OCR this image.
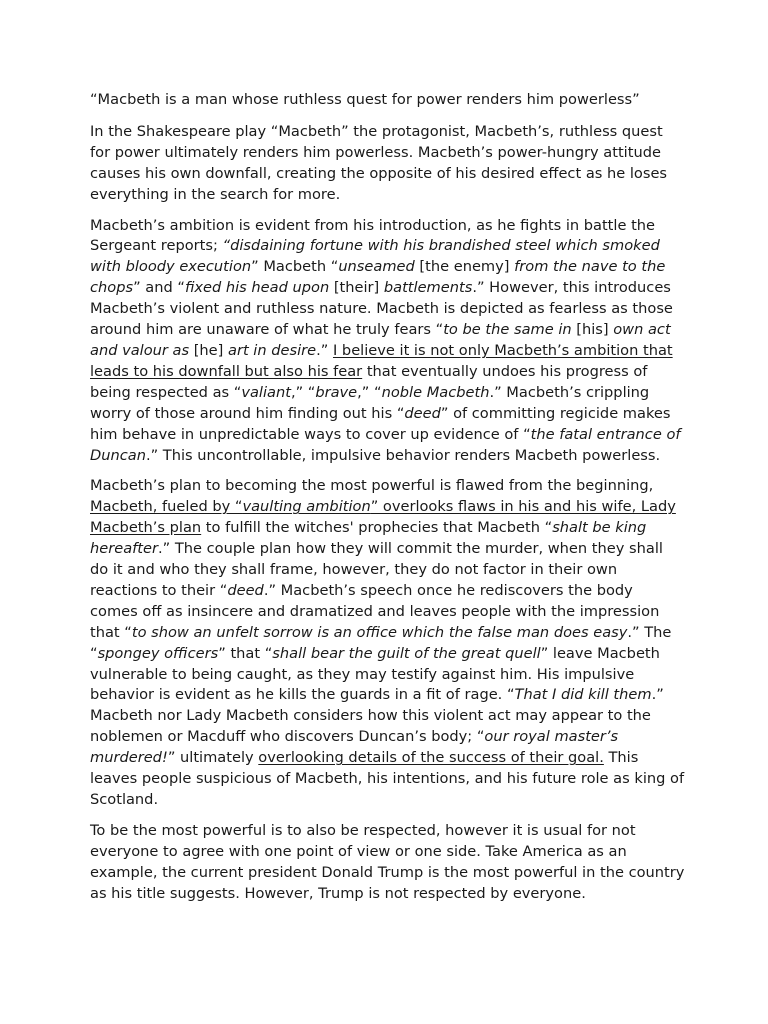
“Macbeth is a man whose ruthless quest for power renders him powerless”

In the Shakespeare play “Macbeth” the protagonist, Macbeth’s, ruthless quest for power ultimately renders him powerless. Macbeth’s power-hungry attitude causes his own downfall, creating the opposite of his desired effect as he loses everything in the search for more.

Macbeth’s ambition is evident from his introduction, as he fights in battle the Sergeant reports; “disdaining fortune with his brandished steel which smoked with bloody execution” Macbeth “unseamed [the enemy] from the nave to the chops” and “fixed his head upon [their] battlements.” However, this introduces Macbeth’s violent and ruthless nature. Macbeth is depicted as fearless as those around him are unaware of what he truly fears “to be the same in [his] own act and valour as [he] art in desire.” I believe it is not only Macbeth’s ambition that leads to his downfall but also his fear that eventually undoes his progress of being respected as “valiant,” “brave,” “noble Macbeth.” Macbeth’s crippling worry of those around him finding out his “deed” of committing regicide makes him behave in unpredictable ways to cover up evidence of “the fatal entrance of Duncan.” This uncontrollable, impulsive behavior renders Macbeth powerless.

Macbeth’s plan to becoming the most powerful is flawed from the beginning, Macbeth, fueled by “vaulting ambition” overlooks flaws in his and his wife, Lady Macbeth’s plan to fulfill the witches' prophecies that Macbeth “shalt be king hereafter.” The couple plan how they will commit the murder, when they shall do it and who they shall frame, however, they do not factor in their own reactions to their “deed.” Macbeth’s speech once he rediscovers the body comes off as insincere and dramatized and leaves people with the impression that “to show an unfelt sorrow is an office which the false man does easy.” The “spongey officers” that “shall bear the guilt of the great quell” leave Macbeth vulnerable to being caught, as they may testify against him. His impulsive behavior is evident as he kills the guards in a fit of rage. “That I did kill them.” Macbeth nor Lady Macbeth considers how this violent act may appear to the noblemen or Macduff who discovers Duncan’s body; “our royal master’s murdered!” ultimately overlooking details of the success of their goal. This leaves people suspicious of Macbeth, his intentions, and his future role as king of Scotland.

To be the most powerful is to also be respected, however it is usual for not everyone to agree with one point of view or one side. Take America as an example, the current president Donald Trump is the most powerful in the country as his title suggests. However, Trump is not respected by everyone.
